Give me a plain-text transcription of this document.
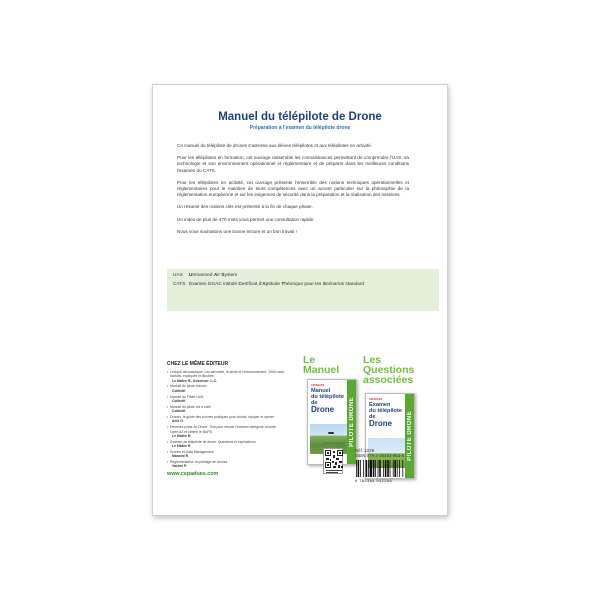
Manuel du télépilote de Drone
Préparation à l'examen du télépilote drone

Ce manuel du télépilote de drones s'adresse aux élèves télépilotes et aux télépilotes en activité.

Pour les télépilotes en formation, cet ouvrage rassemble les connaissances permettant de comprendre l'UAS, sa technologie et son environnement opérationnel et réglementaire et de préparer dans les meilleures conditions l'examen du CATS.

Pour les télépilotes en activité, cet ouvrage présente l'ensemble des notions techniques opérationnelles et réglementaires pour le maintien de leurs compétences avec un accent particulier sur la philosophie de la réglementation européenne et sur les exigences de sécurité dans la préparation et la réalisation des missions.

Un résumé des notions clés est présenté à la fin de chaque phase.

Un index de plus de 470 mots vous permet une consultation rapide.

Nous vous souhaitons une bonne lecture et un bon travail !

UAS	Unmanned Air System
CATS Examen DGAC intitulé Certificat d'Aptitude Théorique pour les Scénarios standard
CHEZ LE MÊME ÉDITEUR
• Lexique aéronautique. Les aéronefs, le pilote et l'environnement. 1000 mots traduits, expliqués et illustrés
Le Maître R., Koechner J.-C.
• Manuel du pilote d'avion
Collectif
• Manuel du Pilote ULM
Collectif
• Manuel du pilote vol à voile
Collectif
• Drones, le guide des bonnes pratiques pour choisir, équiper et opérer
Amé G.
• Devenez pilote de Drone. Tout pour réussir l'examen catégorie ouverte Open A2 et obtenir le BAPD
Le Maître R.
• Examen de télépilote de drone. Questions et explications
Le Maître R.
• Drones et Data Management
Mancini R.
• Réglementation du pilotage de drones
Vachet P.
www.cepadues.com
Le
Manuel
Les
Questions
associées
CEPADUES
Manuel
du télépilote
de
Drone	PILOTE DRONE	CEPADUES
Examen
du télépilote de
Drone	PILOTE DRONE
Plus d'informations
Réf. 2229
ISBN 978-2-36493-983-6
9 782364 932206
